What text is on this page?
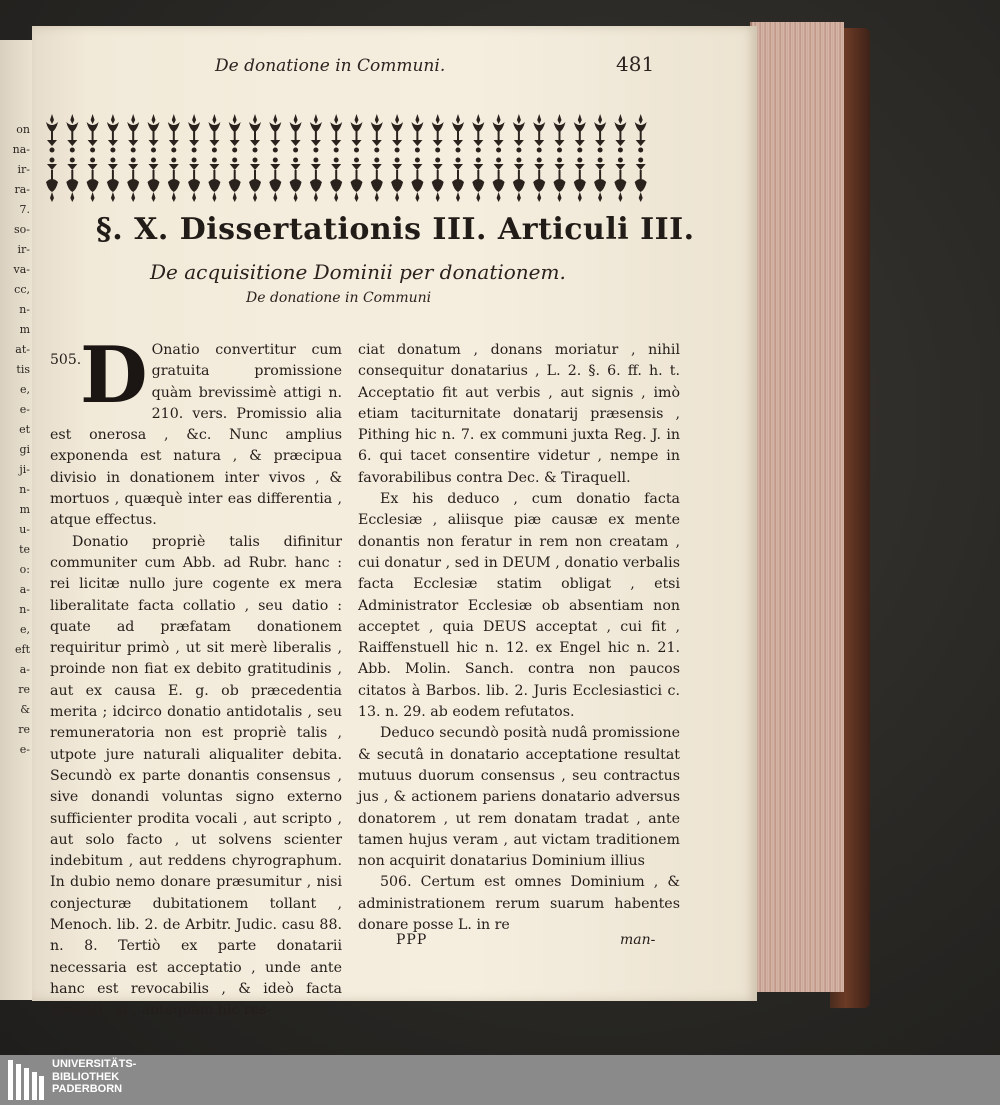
on
na-
ir-
ra-
7.
so-
ir-
va-
cc,
n-
m
at-
tis
e,
e-
et
gi
ji-
n-
m
u-
te
o:
a-
n-
e,
eft
a-
re
&
re
e-
De donatione in Communi.	481
§. X. Dissertationis III. Articuli III.
De acquisitione Dominii per donationem.
De donatione in Communi
505.
D Onatio convertitur cum gratuita promissione quàm brevissimè attigi n. 210. vers. Promissio alia est onerosa , &c. Nunc amplius exponenda est natura , & præcipua divisio in donationem inter vivos , & mortuos , quæquè inter eas differentia , atque effectus.

Donatio propriè talis difinitur communiter cum Abb. ad Rubr. hanc : rei licitæ nullo jure cogente ex mera liberalitate facta collatio , seu datio : quate ad præfatam donationem requiritur primò , ut sit merè liberalis , proinde non fiat ex debito gratitudinis , aut ex causa E. g. ob præcedentia merita ; idcirco donatio antidotalis , seu remuneratoria non est propriè talis , utpote jure naturali aliqualiter debita. Secundò ex parte donantis consensus , sive donandi voluntas signo externo sufficienter prodita vocali , aut scripto , aut solo facto , ut solvens scienter indebitum , aut reddens chyrographum. In dubio nemo donare præsumitur , nisi conjecturæ dubitationem tollant , Menoch. lib. 2. de Arbitr. Judic. casu 88. n. 8. Tertiò ex parte donatarii necessaria est acceptatio , unde ante hanc est revocabilis , & ideò facta absenti , si , antequam hic res-

ciat donatum , donans moriatur , nihil consequitur donatarius , L. 2. §. 6. ff. h. t. Acceptatio fit aut verbis , aut signis , imò etiam taciturnitate donatarij præsensis , Pithing hic n. 7. ex communi juxta Reg. J. in 6. qui tacet consentire videtur , nempe in favorabilibus contra Dec. & Tiraquell.

Ex his deduco , cum donatio facta Ecclesiæ , aliisque piæ causæ ex mente donantis non feratur in rem non creatam , cui donatur , sed in DEUM , donatio verbalis facta Ecclesiæ statim obligat , etsi Administrator Ecclesiæ ob absentiam non acceptet , quia DEUS acceptat , cui fit , Raiffenstuell hic n. 12. ex Engel hic n. 21. Abb. Molin. Sanch. contra non paucos citatos à Barbos. lib. 2. Juris Ecclesiastici c. 13. n. 29. ab eodem refutatos.

Deduco secundò posità nudâ promissione & secutâ in donatario acceptatione resultat mutuus duorum consensus , seu contractus jus , & actionem pariens donatario adversus donatorem , ut rem donatam tradat , ante tamen hujus veram , aut victam traditionem non acquirit donatarius Dominium illius

506. Certum est omnes Dominium , & administrationem rerum suarum habentes donare posse L. in re

PPP	man-
UNIVERSITÄTS-
BIBLIOTHEK
PADERBORN
